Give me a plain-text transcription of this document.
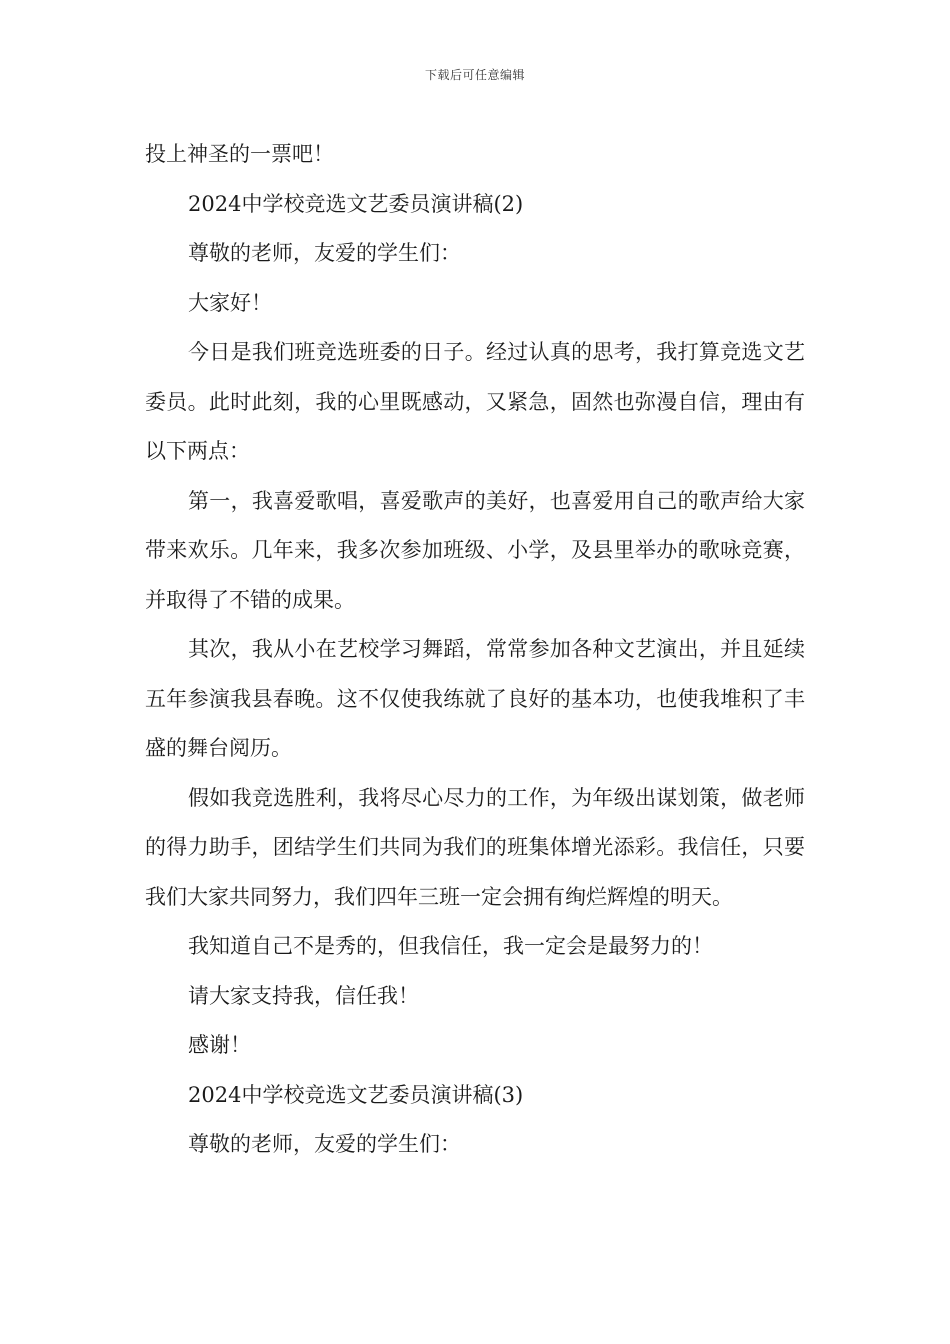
下载后可任意编辑

投上神圣的一票吧！

2024中学校竞选文艺委员演讲稿(2)

尊敬的老师，友爱的学生们：

大家好！

今日是我们班竞选班委的日子。经过认真的思考，我打算竞选文艺委员。此时此刻，我的心里既感动，又紧急，固然也弥漫自信，理由有以下两点：

第一，我喜爱歌唱，喜爱歌声的美好，也喜爱用自己的歌声给大家带来欢乐。几年来，我多次参加班级、小学，及县里举办的歌咏竞赛，并取得了不错的成果。

其次，我从小在艺校学习舞蹈，常常参加各种文艺演出，并且延续五年参演我县春晚。这不仅使我练就了良好的基本功，也使我堆积了丰盛的舞台阅历。

假如我竞选胜利，我将尽心尽力的工作，为年级出谋划策，做老师的得力助手，团结学生们共同为我们的班集体增光添彩。我信任，只要我们大家共同努力，我们四年三班一定会拥有绚烂辉煌的明天。

我知道自己不是秀的，但我信任，我一定会是最努力的！

请大家支持我，信任我！

感谢！

2024中学校竞选文艺委员演讲稿(3)

尊敬的老师，友爱的学生们：
